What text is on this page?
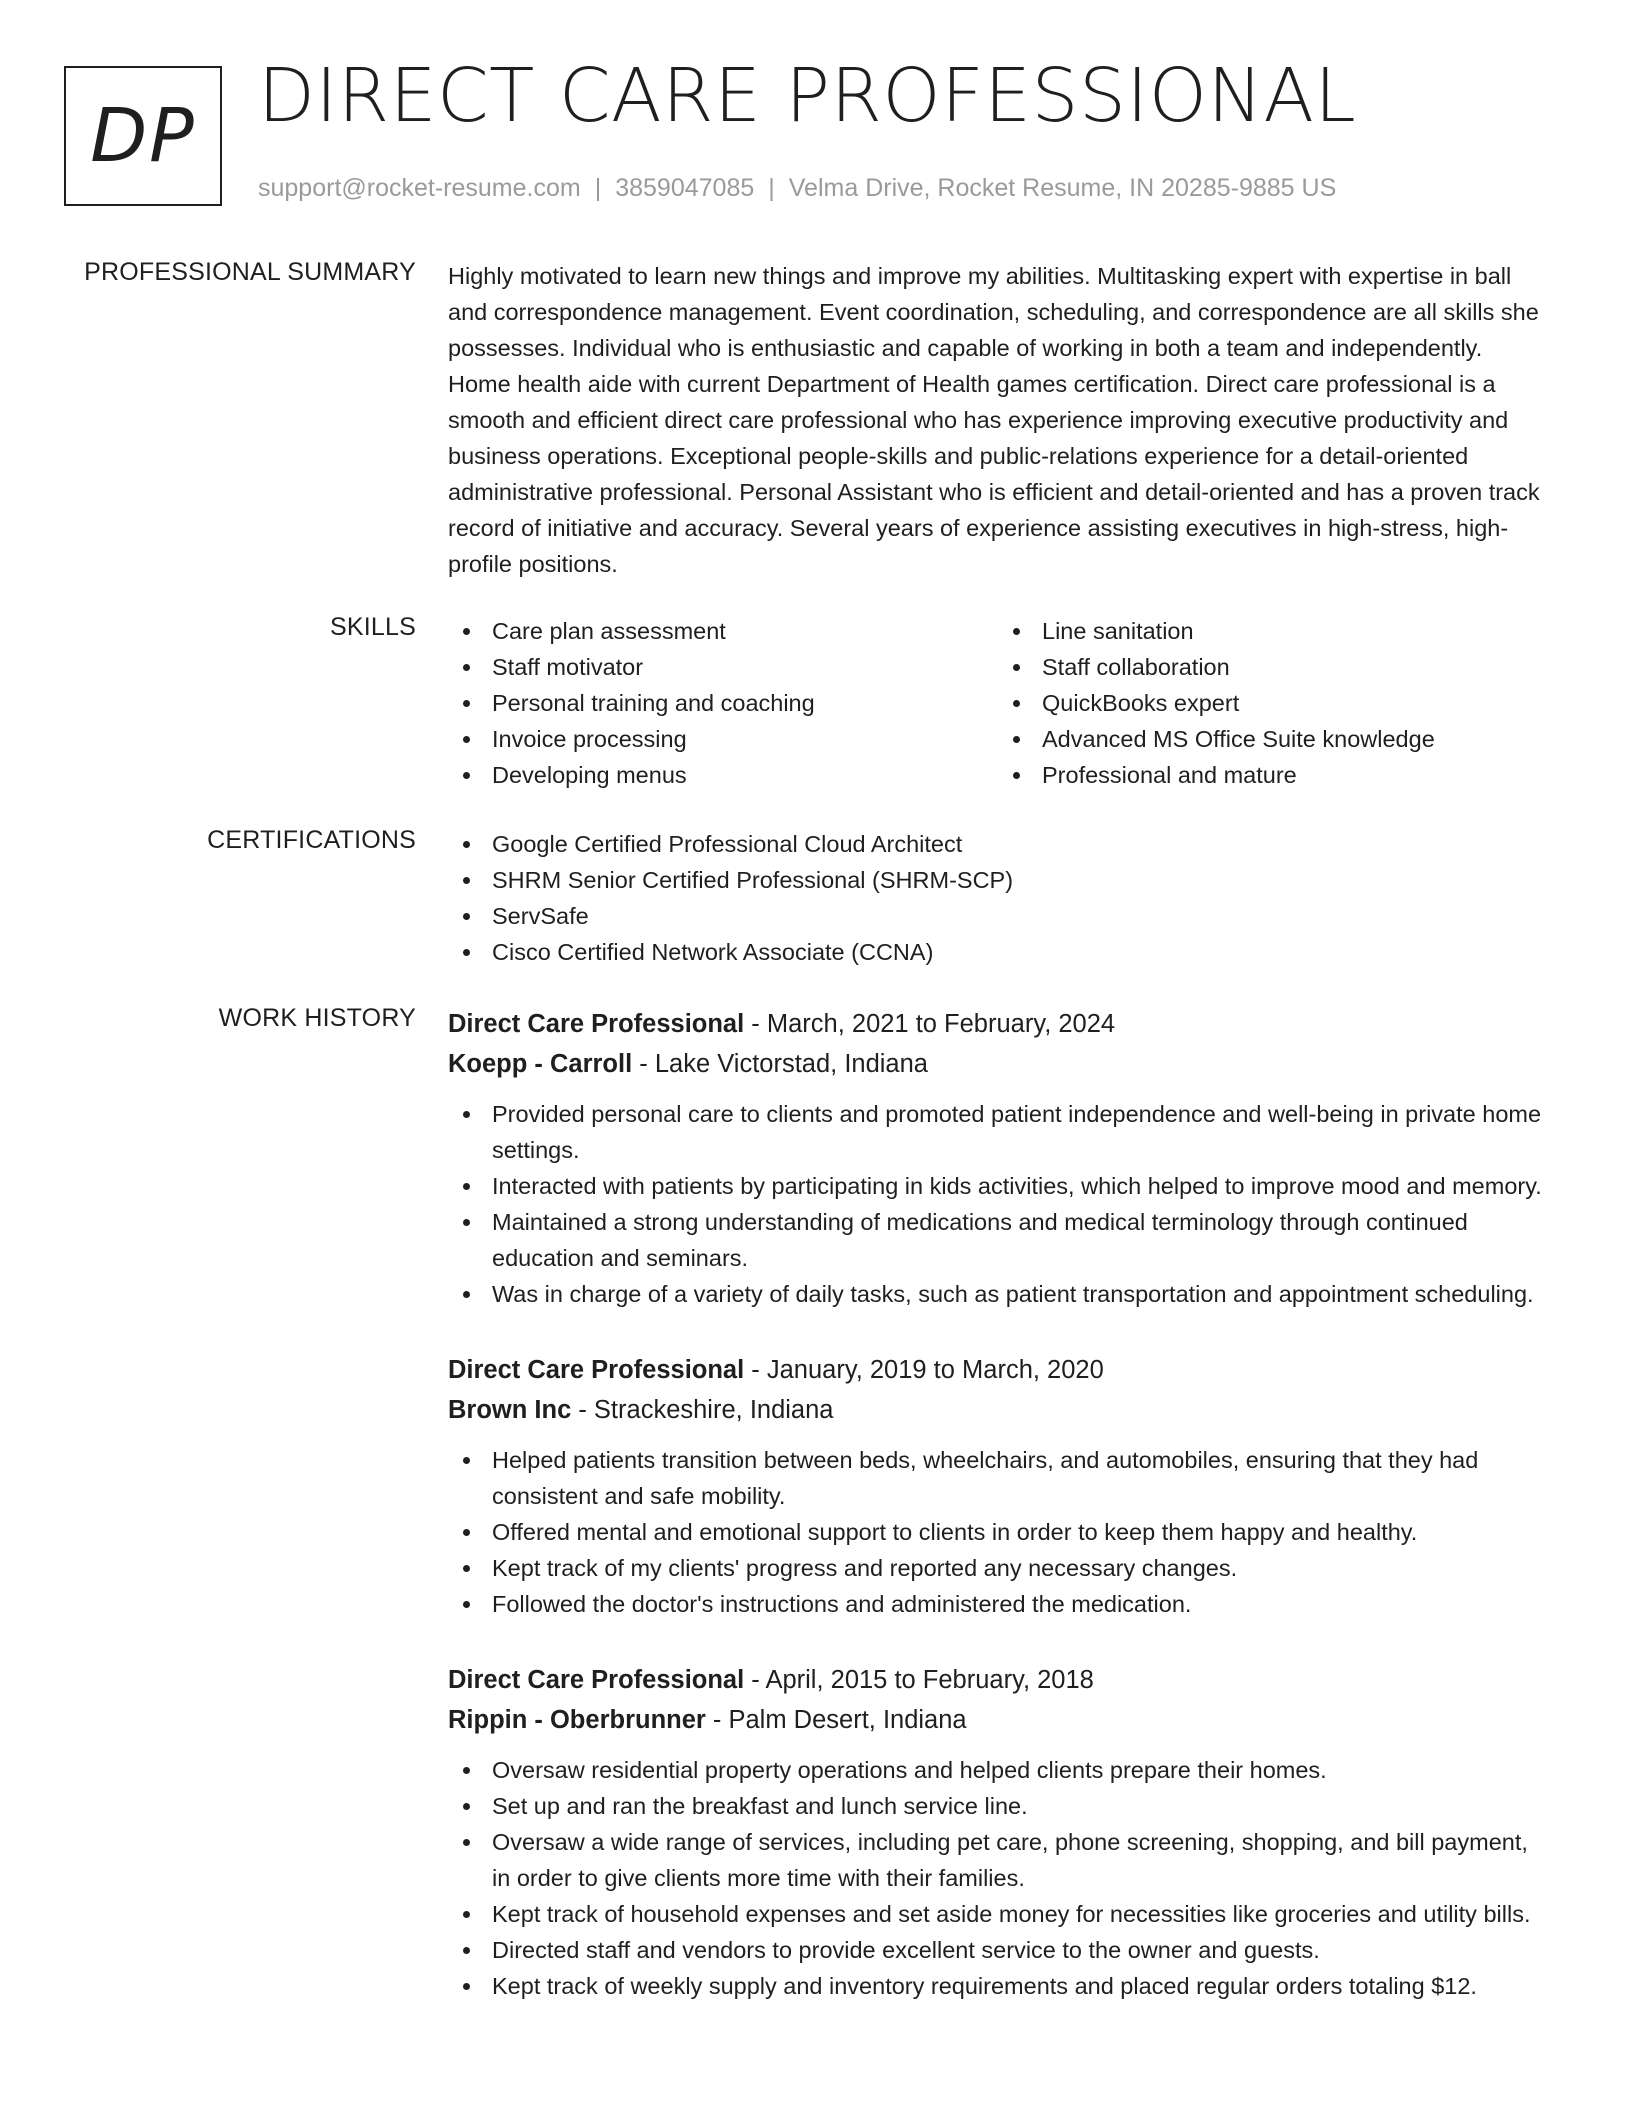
DP DIRECT CARE PROFESSIONAL
support@rocket-resume.com | 3859047085 | Velma Drive, Rocket Resume, IN 20285-9885 US
PROFESSIONAL SUMMARY Highly motivated to learn new things and improve my abilities. Multitasking expert with expertise in ball and correspondence management. Event coordination, scheduling, and correspondence are all skills she possesses. Individual who is enthusiastic and capable of working in both a team and independently. Home health aide with current Department of Health games certification. Direct care professional is a smooth and efficient direct care professional who has experience improving executive productivity and business operations. Exceptional people-skills and public-relations experience for a detail-oriented administrative professional. Personal Assistant who is efficient and detail-oriented and has a proven track record of initiative and accuracy. Several years of experience assisting executives in high-stress, high-profile positions.

SKILLS	Care plan assessment
Staff motivator
Personal training and coaching
Invoice processing
Developing menus
Line sanitation
Staff collaboration
QuickBooks expert
Advanced MS Office Suite knowledge
Professional and mature
CERTIFICATIONS	Google Certified Professional Cloud Architect
SHRM Senior Certified Professional (SHRM-SCP)
ServSafe
Cisco Certified Network Associate (CCNA)
WORK HISTORY Direct Care Professional - March, 2021 to February, 2024
Koepp - Carroll - Lake Victorstad, Indiana
Provided personal care to clients and promoted patient independence and well-being in private home settings.
Interacted with patients by participating in kids activities, which helped to improve mood and memory.
Maintained a strong understanding of medications and medical terminology through continued education and seminars.
Was in charge of a variety of daily tasks, such as patient transportation and appointment scheduling.
Direct Care Professional - January, 2019 to March, 2020
Brown Inc - Strackeshire, Indiana
Helped patients transition between beds, wheelchairs, and automobiles, ensuring that they had consistent and safe mobility.
Offered mental and emotional support to clients in order to keep them happy and healthy.
Kept track of my clients' progress and reported any necessary changes.
Followed the doctor's instructions and administered the medication.
Direct Care Professional - April, 2015 to February, 2018
Rippin - Oberbrunner - Palm Desert, Indiana
Oversaw residential property operations and helped clients prepare their homes.
Set up and ran the breakfast and lunch service line.
Oversaw a wide range of services, including pet care, phone screening, shopping, and bill payment, in order to give clients more time with their families.
Kept track of household expenses and set aside money for necessities like groceries and utility bills.
Directed staff and vendors to provide excellent service to the owner and guests.
Kept track of weekly supply and inventory requirements and placed regular orders totaling $12.
